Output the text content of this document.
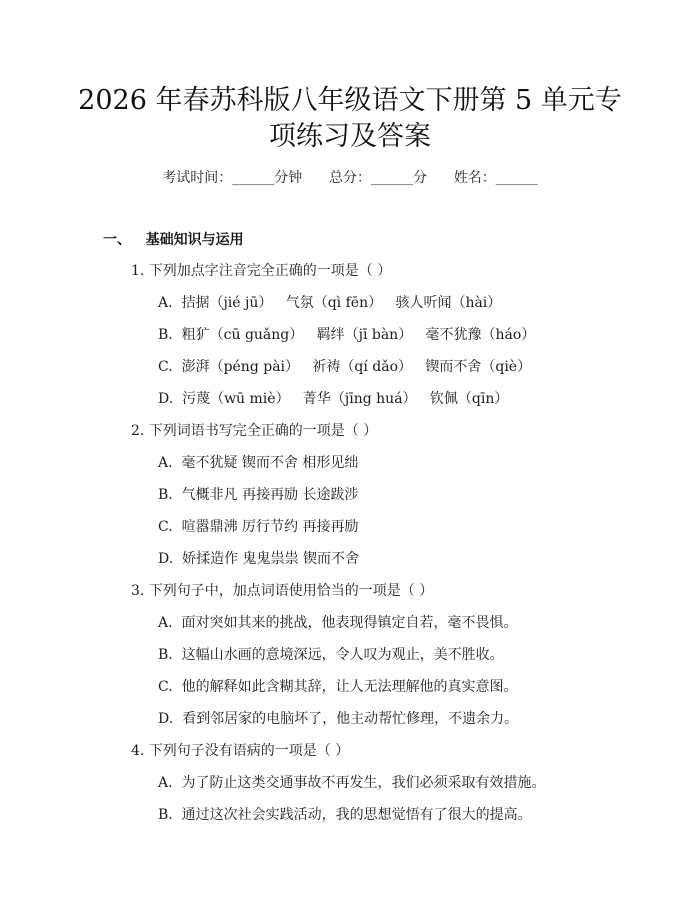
2026 年春苏科版八年级语文下册第 5 单元专
项练习及答案
考试时间：______分钟      总分：______分      姓名：______
一、   基础知识与运用
1. 下列加点字注音完全正确的一项是（ ）
A.  拮据（jié jū）   气氛（qì fēn）   骇人听闻（hài）
B.  粗犷（cū guǎng）   羁绊（jī bàn）   毫不犹豫（háo）
C.  澎湃（péng pài）   祈祷（qí dǎo）   锲而不舍（qiè）
D.  污蔑（wū miè）   菁华（jīng huá）   钦佩（qīn）
2. 下列词语书写完全正确的一项是（ ）
A.  毫不犹疑 锲而不舍 相形见绌
B.  气概非凡 再接再励 长途跋涉
C.  喧嚣鼎沸 厉行节约 再接再励
D.  娇揉造作 鬼鬼祟祟 锲而不舍
3. 下列句子中，加点词语使用恰当的一项是（ ）
A.  面对突如其来的挑战，他表现得镇定自若，毫不畏惧。
B.  这幅山水画的意境深远，令人叹为观止，美不胜收。
C.  他的解释如此含糊其辞，让人无法理解他的真实意图。
D.  看到邻居家的电脑坏了，他主动帮忙修理，不遗余力。
4. 下列句子没有语病的一项是（ ）
A.  为了防止这类交通事故不再发生，我们必须采取有效措施。
B.  通过这次社会实践活动，我的思想觉悟有了很大的提高。
